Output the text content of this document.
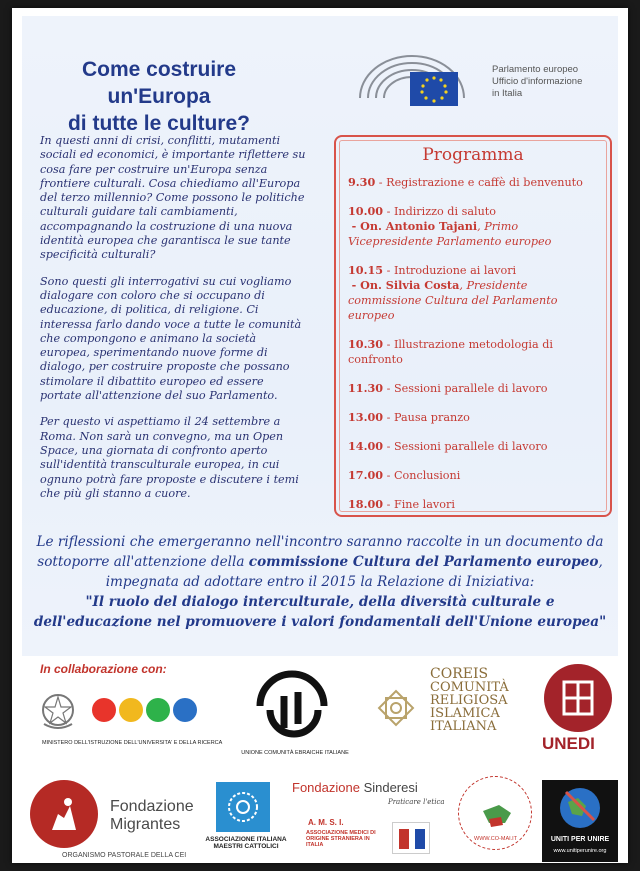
Come costruire un'Europa
di tutte le culture?
Parlamento europeo
Ufficio d'informazione
in Italia

In questi anni di crisi, conflitti, mutamenti sociali ed economici, è importante riflettere su cosa fare per costruire un'Europa senza frontiere culturali. Cosa chiediamo all'Europa del terzo millennio? Come possono le politiche culturali guidare tali cambiamenti, accompagnando la costruzione di una nuova identità europea che garantisca le sue tante specificità culturali?

Sono questi gli interrogativi su cui vogliamo dialogare con coloro che si occupano di educazione, di politica, di religione. Ci interessa farlo dando voce a tutte le comunità che compongono e animano la società europea, sperimentando nuove forme di dialogo, per costruire proposte che possano stimolare il dibattito europeo ed essere portate all'attenzione del suo Parlamento.

Per questo vi aspettiamo il 24 settembre a Roma. Non sarà un convegno, ma un Open Space, una giornata di confronto aperto sull'identità transculturale europea, in cui ognuno potrà fare proposte e discutere i temi che più gli stanno a cuore.

Programma
9.30 - Registrazione e caffè di benvenuto
10.00 - Indirizzo di saluto
- On. Antonio Tajani, Primo Vicepresidente Parlamento europeo
10.15 - Introduzione ai lavori
- On. Silvia Costa, Presidente commissione Cultura del Parlamento europeo
10.30 - Illustrazione metodologia di confronto
11.30 - Sessioni parallele di lavoro
13.00 - Pausa pranzo
14.00 - Sessioni parallele di lavoro
17.00 - Conclusioni
18.00 - Fine lavori
Le riflessioni che emergeranno nell'incontro saranno raccolte in un documento da sottoporre all'attenzione della commissione Cultura del Parlamento europeo, impegnata ad adottare entro il 2015 la Relazione di Iniziativa:
"Il ruolo del dialogo interculturale, della diversità culturale e dell'educazione nel promuovere i valori fondamentali dell'Unione europea"
In collaborazione con:
MINISTERO DELL'ISTRUZIONE DELL'UNIVERSITA' E DELLA RICERCA
UNIONE COMUNITÀ EBRAICHE ITALIANE
COREIS
COMUNITÀ
RELIGIOSA
ISLAMICA
ITALIANA
UNEDI
Fondazione
Migrantes
ORGANISMO PASTORALE DELLA CEI
ASSOCIAZIONE ITALIANA
MAESTRI CATTOLICI
Fondazione Sinderesi
Praticare l'etica
A. M. S. I.
ASSOCIAZIONE MEDICI DI ORIGINE STRANIERA IN ITALIA
WWW.CO-MAI.IT	UNITI PER UNIRE
www.unitiperunire.org
